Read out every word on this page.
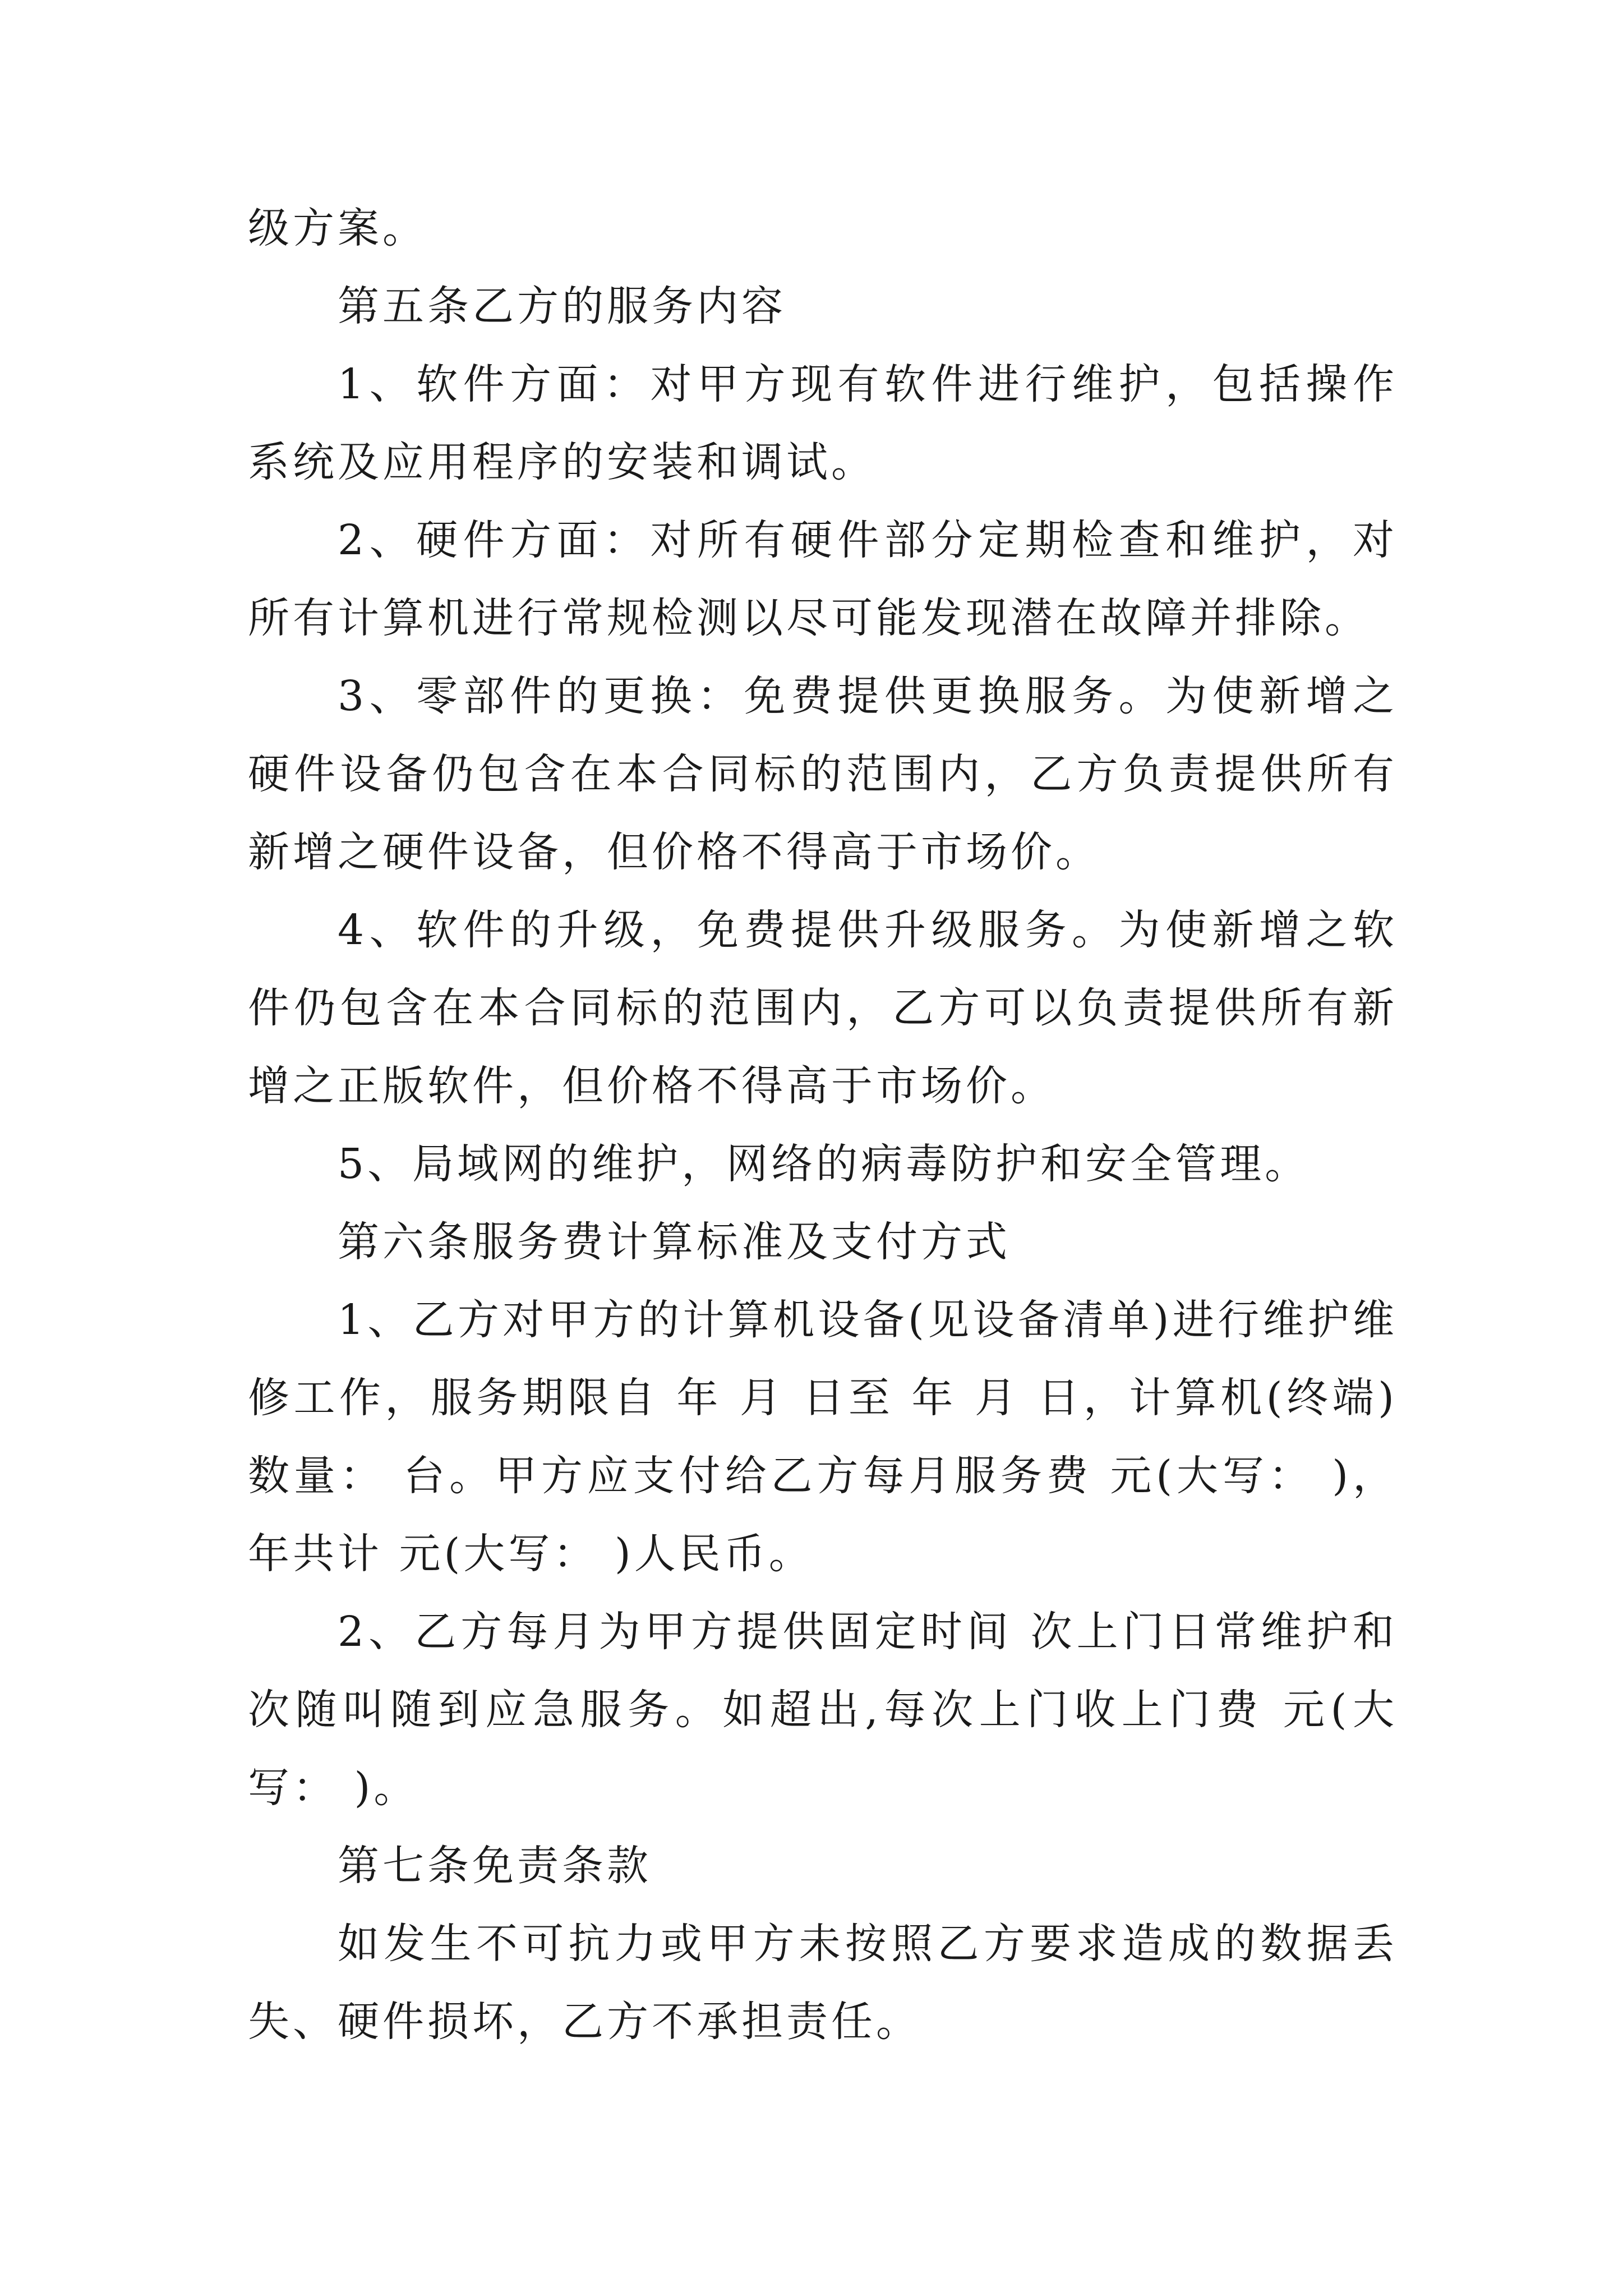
级方案。

第五条乙方的服务内容

1、软件方面：对甲方现有软件进行维护，包括操作系统及应用程序的安装和调试。

2、硬件方面：对所有硬件部分定期检查和维护，对所有计算机进行常规检测以尽可能发现潜在故障并排除。

3、零部件的更换：免费提供更换服务。为使新增之硬件设备仍包含在本合同标的范围内，乙方负责提供所有新增之硬件设备，但价格不得高于市场价。

4、软件的升级，免费提供升级服务。为使新增之软件仍包含在本合同标的范围内，乙方可以负责提供所有新增之正版软件，但价格不得高于市场价。

5、局域网的维护，网络的病毒防护和安全管理。

第六条服务费计算标准及支付方式

1、乙方对甲方的计算机设备(见设备清单)进行维护维修工作，服务期限自 年 月 日至 年 月 日，计算机(终端)数量： 台。甲方应支付给乙方每月服务费 元(大写： )，年共计 元(大写： )人民币。

2、乙方每月为甲方提供固定时间 次上门日常维护和 次随叫随到应急服务。如超出,每次上门收上门费 元(大写： )。

第七条免责条款

如发生不可抗力或甲方未按照乙方要求造成的数据丢失、硬件损坏，乙方不承担责任。
